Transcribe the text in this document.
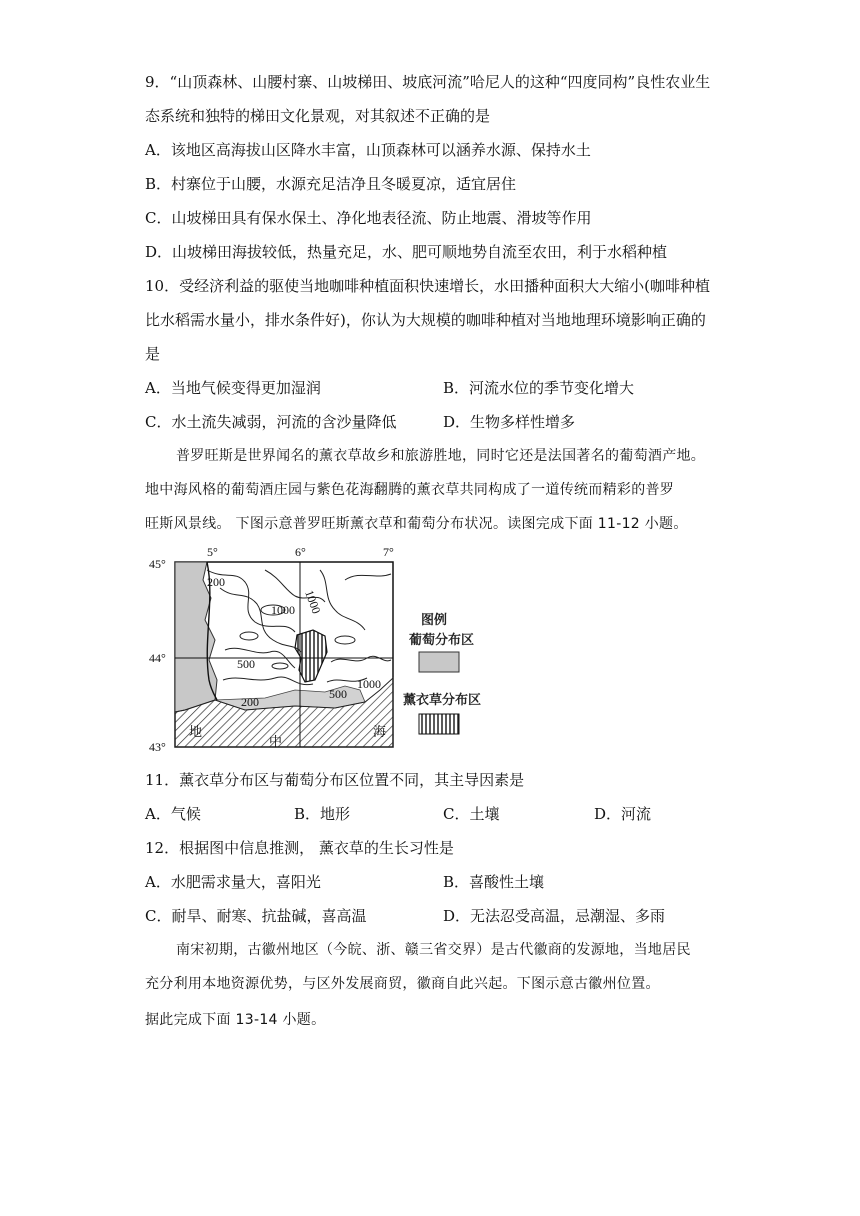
9．“山顶森林、山腰村寨、山坡梯田、坡底河流”哈尼人的这种“四度同构”良性农业生
态系统和独特的梯田文化景观，对其叙述不正确的是
A．该地区高海拔山区降水丰富，山顶森林可以涵养水源、保持水土
B．村寨位于山腰，水源充足洁净且冬暖夏凉，适宜居住
C．山坡梯田具有保水保土、净化地表径流、防止地震、滑坡等作用
D．山坡梯田海拔较低，热量充足，水、肥可顺地势自流至农田，利于水稻种植
10．受经济利益的驱使当地咖啡种植面积快速增长，水田播种面积大大缩小(咖啡种植
比水稻需水量小，排水条件好)，你认为大规模的咖啡种植对当地地理环境影响正确的
是
A．当地气候变得更加湿润	B．河流水位的季节变化增大
C．水土流失减弱，河流的含沙量降低	D．生物多样性增多
普罗旺斯是世界闻名的薰衣草故乡和旅游胜地，同时它还是法国著名的葡萄酒产地。
地中海风格的葡萄酒庄园与紫色花海翻腾的薰衣草共同构成了一道传统而精彩的普罗
旺斯风景线。 下图示意普罗旺斯薰衣草和葡萄分布状况。读图完成下面 11-12 小题。
5°	6°	7°
45°
44°
43°
200
1000
1000
500
200
1000
500
地
中
海
图例
葡萄分布区
薰衣草分布区
11．薰衣草分布区与葡萄分布区位置不同，其主导因素是
A．气候	B．地形	C．土壤	D．河流
12．根据图中信息推测， 薰衣草的生长习性是
A．水肥需求量大，喜阳光	B．喜酸性土壤
C．耐旱、耐寒、抗盐碱，喜高温	D．无法忍受高温，忌潮湿、多雨
南宋初期，古徽州地区（今皖、浙、赣三省交界）是古代徽商的发源地，当地居民
充分利用本地资源优势，与区外发展商贸，徽商自此兴起。下图示意古徽州位置。
据此完成下面 13-14 小题。
